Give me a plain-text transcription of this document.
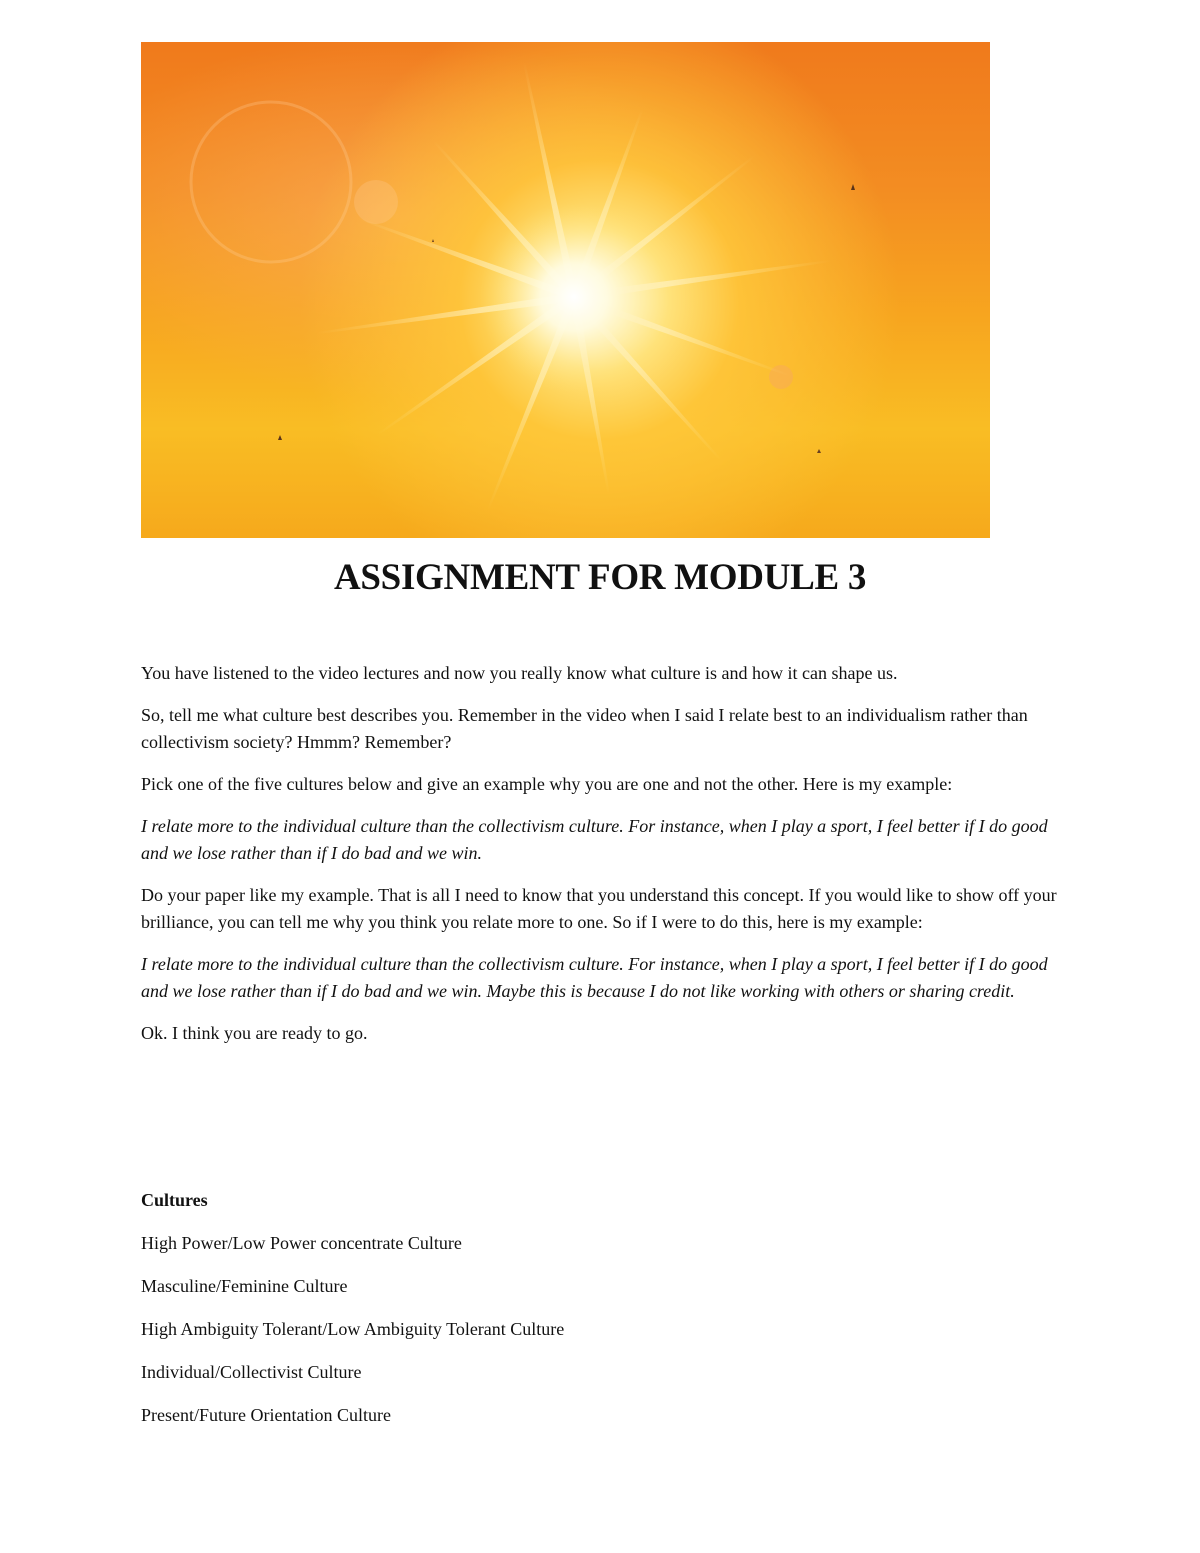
ASSIGNMENT FOR MODULE 3

You have listened to the video lectures and now you really know what culture is and how it can shape us.

So, tell me what culture best describes you. Remember in the video when I said I relate best to an individualism rather than collectivism society? Hmmm? Remember?

Pick one of the five cultures below and give an example why you are one and not the other. Here is my example:

I relate more to the individual culture than the collectivism culture. For instance, when I play a sport, I feel better if I do good and we lose rather than if I do bad and we win.

Do your paper like my example. That is all I need to know that you understand this concept. If you would like to show off your brilliance, you can tell me why you think you relate more to one. So if I were to do this, here is my example:

I relate more to the individual culture than the collectivism culture. For instance, when I play a sport, I feel better if I do good and we lose rather than if I do bad and we win. Maybe this is because I do not like working with others or sharing credit.

Ok. I think you are ready to go.

Cultures

High Power/Low Power concentrate Culture
Masculine/Feminine Culture
High Ambiguity Tolerant/Low Ambiguity Tolerant Culture
Individual/Collectivist Culture
Present/Future Orientation Culture
